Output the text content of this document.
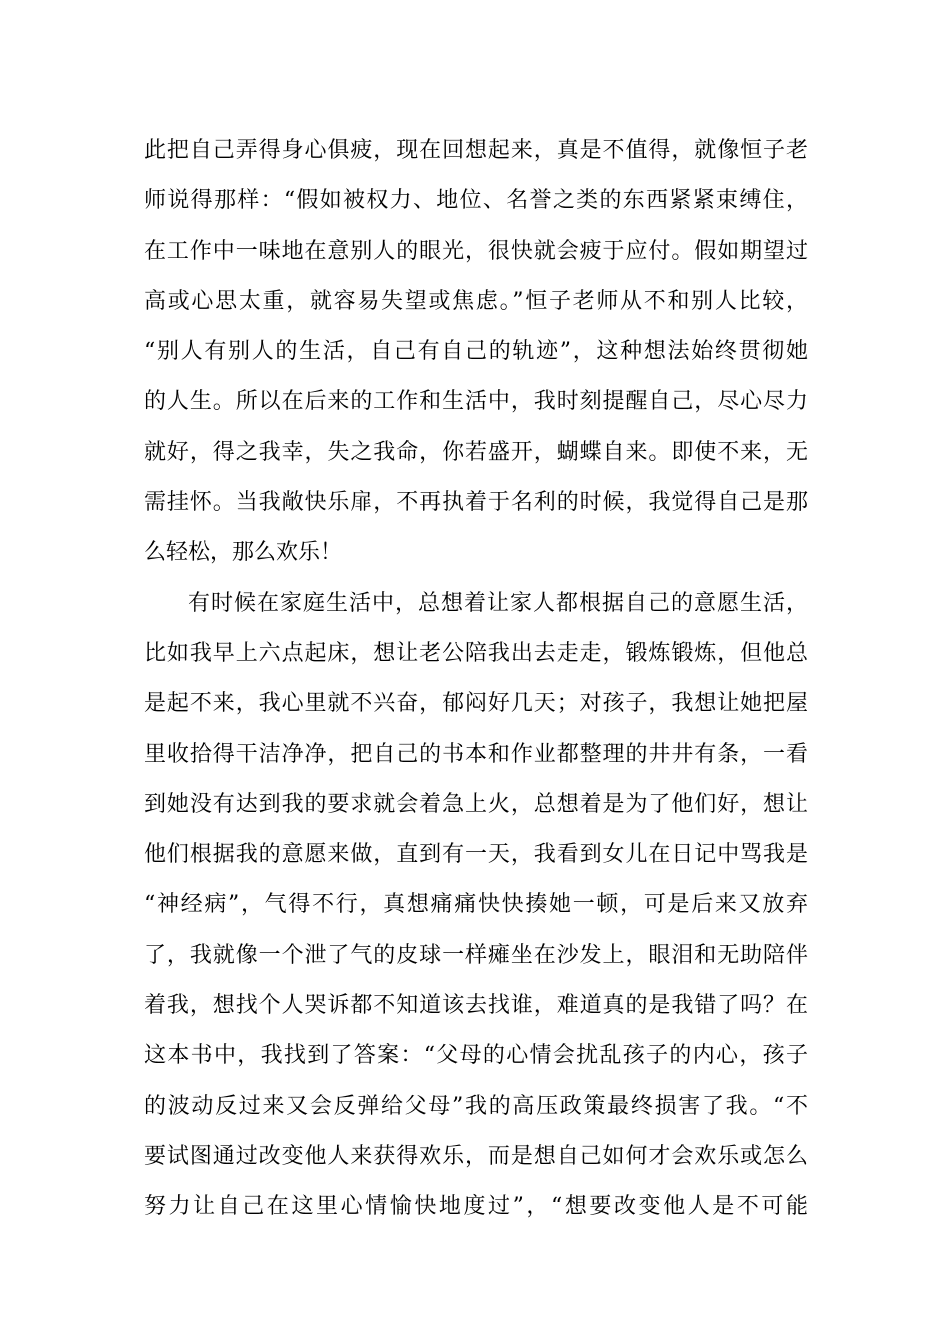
此把自己弄得身心俱疲，现在回想起来，真是不值得，就像恒子老
师说得那样：“假如被权力、地位、名誉之类的东西紧紧束缚住，
在工作中一味地在意别人的眼光，很快就会疲于应付。假如期望过
高或心思太重，就容易失望或焦虑。”恒子老师从不和别人比较，
“别人有别人的生活，自己有自己的轨迹”，这种想法始终贯彻她
的人生。所以在后来的工作和生活中，我时刻提醒自己，尽心尽力
就好，得之我幸，失之我命，你若盛开，蝴蝶自来。即使不来，无
需挂怀。当我敞快乐扉，不再执着于名利的时候，我觉得自己是那
么轻松，那么欢乐！
有时候在家庭生活中，总想着让家人都根据自己的意愿生活，
比如我早上六点起床，想让老公陪我出去走走，锻炼锻炼，但他总
是起不来，我心里就不兴奋，郁闷好几天；对孩子，我想让她把屋
里收拾得干洁净净，把自己的书本和作业都整理的井井有条，一看
到她没有达到我的要求就会着急上火，总想着是为了他们好，想让
他们根据我的意愿来做，直到有一天，我看到女儿在日记中骂我是
“神经病”，气得不行，真想痛痛快快揍她一顿，可是后来又放弃
了，我就像一个泄了气的皮球一样瘫坐在沙发上，眼泪和无助陪伴
着我，想找个人哭诉都不知道该去找谁，难道真的是我错了吗？在
这本书中，我找到了答案：“父母的心情会扰乱孩子的内心，孩子
的波动反过来又会反弹给父母”我的高压政策最终损害了我。“不
要试图通过改变他人来获得欢乐，而是想自己如何才会欢乐或怎么
努力让自己在这里心情愉快地度过”，“想要改变他人是不可能
